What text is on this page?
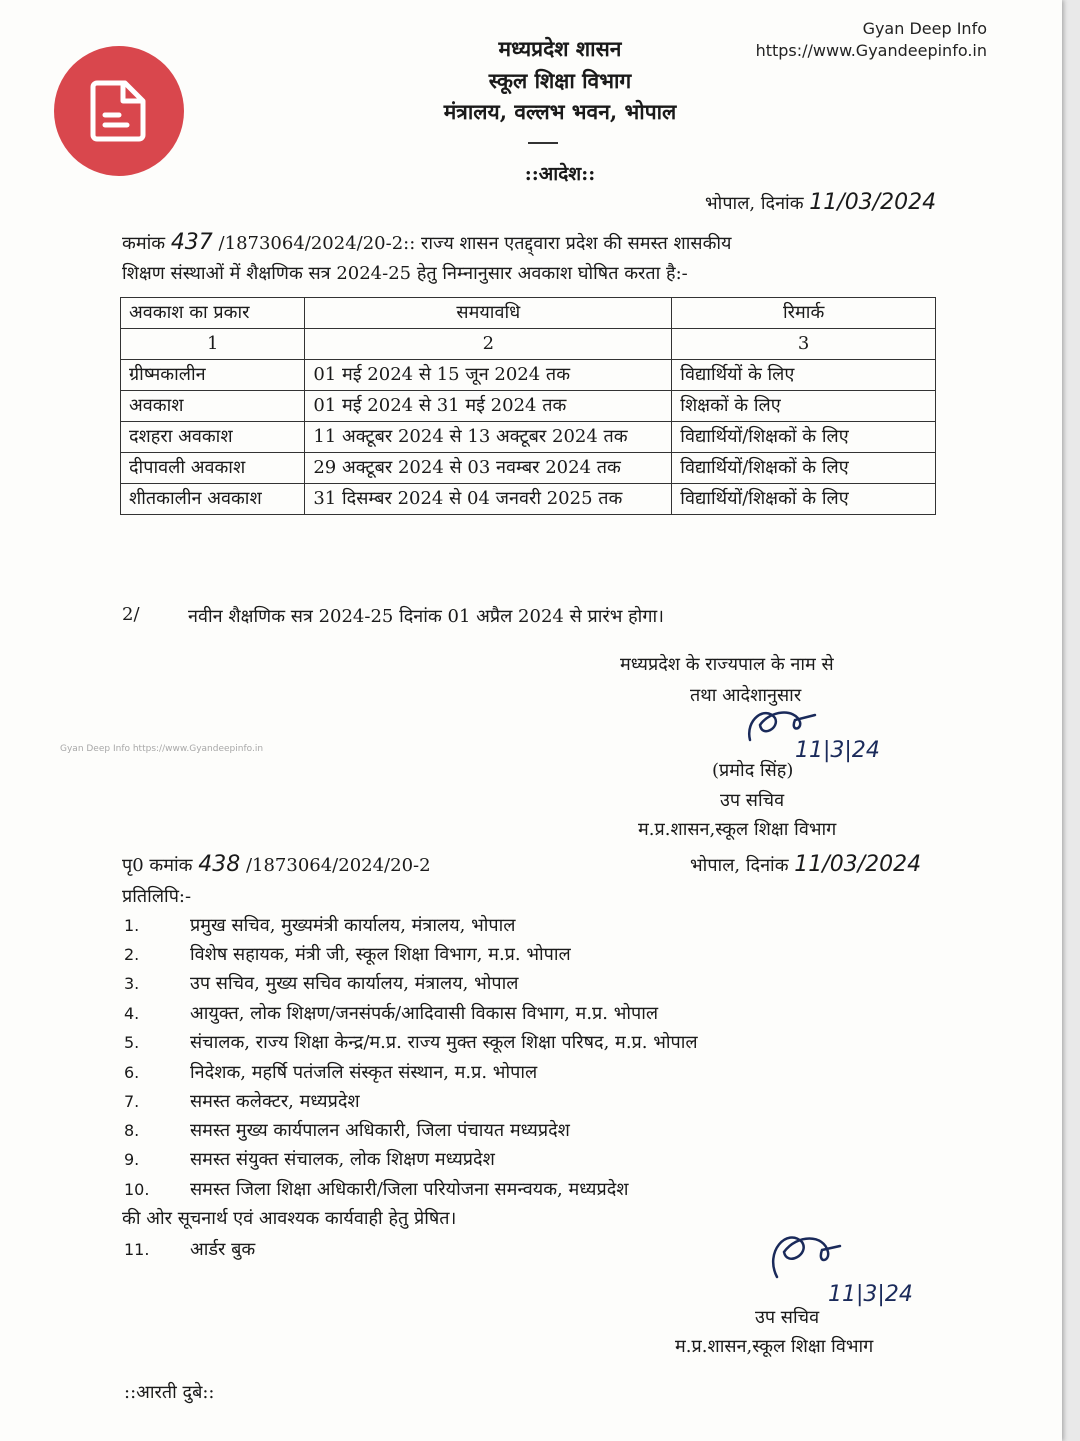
Gyan Deep Info
https://www.Gyandeepinfo.in
मध्यप्रदेश शासन
स्कूल शिक्षा विभाग
मंत्रालय, वल्लभ भवन, भोपाल
::आदेश::
भोपाल, दिनांक 11/03/2024
कमांक 437 /1873064/2024/20-2:: राज्य शासन एतद्द्वारा प्रदेश की समस्त शासकीय
शिक्षण संस्थाओं में शैक्षणिक सत्र 2024-25 हेतु निम्नानुसार अवकाश घोषित करता है:-
अवकाश का प्रकार	समयावधि	रिमार्क
1	2	3
ग्रीष्मकालीन	01 मई 2024 से 15 जून 2024 तक	विद्यार्थियों के लिए
अवकाश	01 मई 2024 से 31 मई 2024 तक	शिक्षकों के लिए
दशहरा अवकाश	11 अक्टूबर 2024 से 13 अक्टूबर 2024 तक	विद्यार्थियों/शिक्षकों के लिए
दीपावली अवकाश	29 अक्टूबर 2024 से 03 नवम्बर 2024 तक	विद्यार्थियों/शिक्षकों के लिए
शीतकालीन अवकाश	31 दिसम्बर 2024 से 04 जनवरी 2025 तक	विद्यार्थियों/शिक्षकों के लिए
2/	नवीन शैक्षणिक सत्र 2024-25 दिनांक 01 अप्रैल 2024 से प्रारंभ होगा।
मध्यप्रदेश के राज्यपाल के नाम से
तथा आदेशानुसार
11|3|24
(प्रमोद सिंह)
उप सचिव
म.प्र.शासन,स्कूल शिक्षा विभाग
Gyan Deep Info https://www.Gyandeepinfo.in
पृ0 कमांक 438 /1873064/2024/20-2	भोपाल, दिनांक 11/03/2024
प्रतिलिपि:-
1.	प्रमुख सचिव, मुख्यमंत्री कार्यालय, मंत्रालय, भोपाल
2.	विशेष सहायक, मंत्री जी, स्कूल शिक्षा विभाग, म.प्र. भोपाल
3.	उप सचिव, मुख्य सचिव कार्यालय, मंत्रालय, भोपाल
4.	आयुक्त, लोक शिक्षण/जनसंपर्क/आदिवासी विकास विभाग, म.प्र. भोपाल
5.	संचालक, राज्य शिक्षा केन्द्र/म.प्र. राज्य मुक्त स्कूल शिक्षा परिषद, म.प्र. भोपाल
6.	निदेशक, महर्षि पतंजलि संस्कृत संस्थान, म.प्र. भोपाल
7.	समस्त कलेक्टर, मध्यप्रदेश
8.	समस्त मुख्य कार्यपालन अधिकारी, जिला पंचायत मध्यप्रदेश
9.	समस्त संयुक्त संचालक, लोक शिक्षण मध्यप्रदेश
10.	समस्त जिला शिक्षा अधिकारी/जिला परियोजना समन्वयक, मध्यप्रदेश
की ओर सूचनार्थ एवं आवश्यक कार्यवाही हेतु प्रेषित।
11.	आर्डर बुक
11|3|24
उप सचिव
म.प्र.शासन,स्कूल शिक्षा विभाग
::आरती दुबे::
